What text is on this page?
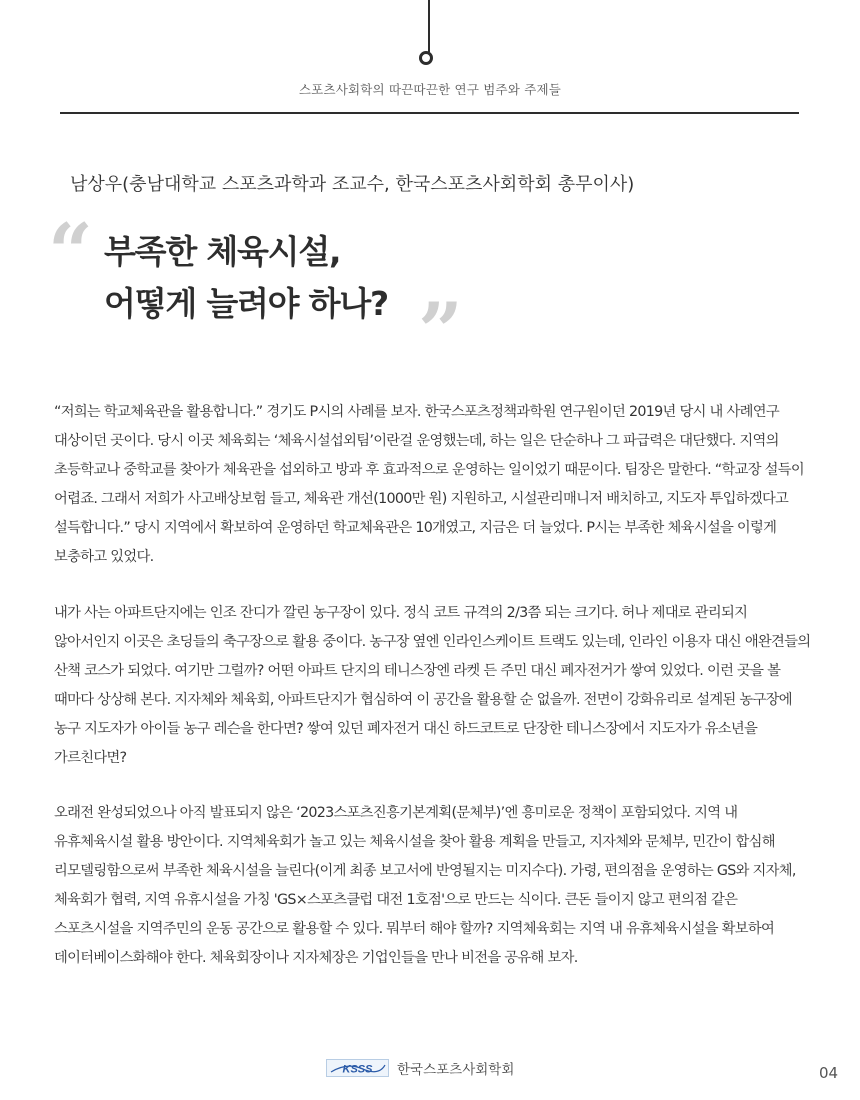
스포츠사회학의 따끈따끈한 연구 범주와 주제들
남상우(충남대학교 스포츠과학과 조교수, 한국스포츠사회학회 총무이사)
“ 부족한 체육시설,
어떻게 늘려야 하나? ”

“저희는 학교체육관을 활용합니다.” 경기도 P시의 사례를 보자. 한국스포츠정책과학원 연구원이던 2019년 당시 내 사례연구 대상이던 곳이다. 당시 이곳 체육회는 ‘체육시설섭외팀’이란걸 운영했는데, 하는 일은 단순하나 그 파급력은 대단했다. 지역의 초등학교나 중학교를 찾아가 체육관을 섭외하고 방과 후 효과적으로 운영하는 일이었기 때문이다. 팀장은 말한다. “학교장 설득이 어렵죠. 그래서 저희가 사고배상보험 들고, 체육관 개선(1000만 원) 지원하고, 시설관리매니저 배치하고, 지도자 투입하겠다고 설득합니다.” 당시 지역에서 확보하여 운영하던 학교체육관은 10개였고, 지금은 더 늘었다. P시는 부족한 체육시설을 이렇게 보충하고 있었다.

내가 사는 아파트단지에는 인조 잔디가 깔린 농구장이 있다. 정식 코트 규격의 2/3쯤 되는 크기다. 허나 제대로 관리되지 않아서인지 이곳은 초딩들의 축구장으로 활용 중이다. 농구장 옆엔 인라인스케이트 트랙도 있는데, 인라인 이용자 대신 애완견들의 산책 코스가 되었다. 여기만 그럴까? 어떤 아파트 단지의 테니스장엔 라켓 든 주민 대신 폐자전거가 쌓여 있었다. 이런 곳을 볼 때마다 상상해 본다. 지자체와 체육회, 아파트단지가 협심하여 이 공간을 활용할 순 없을까. 전면이 강화유리로 설계된 농구장에 농구 지도자가 아이들 농구 레슨을 한다면? 쌓여 있던 폐자전거 대신 하드코트로 단장한 테니스장에서 지도자가 유소년을 가르친다면?

오래전 완성되었으나 아직 발표되지 않은 ‘2023스포츠진흥기본계획(문체부)’엔 흥미로운 정책이 포함되었다. 지역 내 유휴체육시설 활용 방안이다. 지역체육회가 놀고 있는 체육시설을 찾아 활용 계획을 만들고, 지자체와 문체부, 민간이 합심해 리모델링함으로써 부족한 체육시설을 늘린다(이게 최종 보고서에 반영될지는 미지수다). 가령, 편의점을 운영하는 GS와 지자체, 체육회가 협력, 지역 유휴시설을 가칭 'GS×스포츠클럽 대전 1호점'으로 만드는 식이다. 큰돈 들이지 않고 편의점 같은 스포츠시설을 지역주민의 운동 공간으로 활용할 수 있다. 뭐부터 해야 할까? 지역체육회는 지역 내 유휴체육시설을 확보하여 데이터베이스화해야 한다. 체육회장이나 지자체장은 기업인들을 만나 비전을 공유해 보자.

KSSS 한국스포츠사회학회	04
